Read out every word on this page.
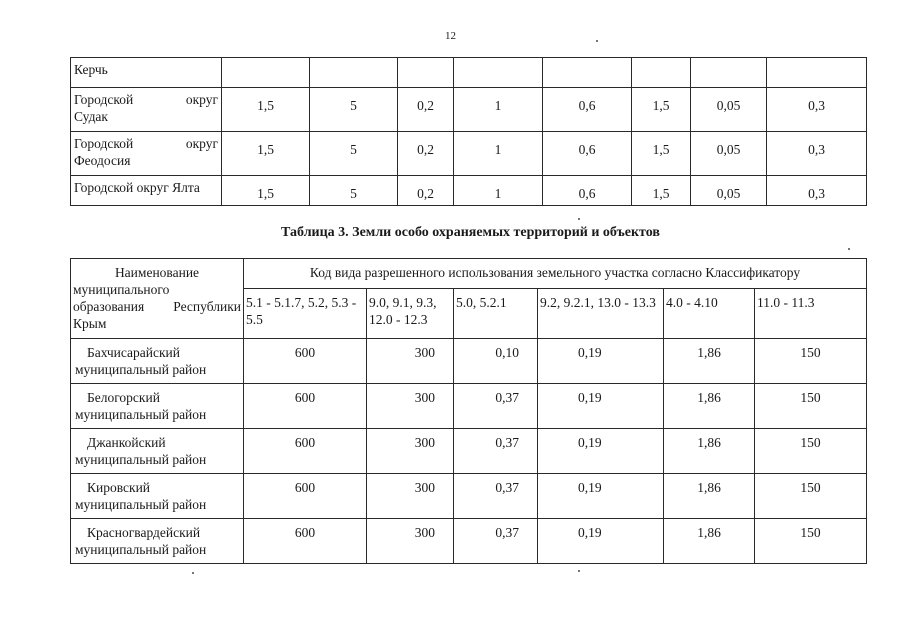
12
Керчь								

Городской округ
Судак	1,5	5	0,2	1	0,6	1,5	0,05	0,3

Городской округ
Феодосия	1,5	5	0,2	1	0,6	1,5	0,05	0,3
Городской округ Ялта	1,5	5	0,2	1	0,6	1,5	0,05	0,3
Таблица 3. Земли особо охраняемых территорий и объектов
Наименование
муниципального
образования Республики
Крым	Код вида разрешенного использования земельного участка согласно Классификатору					
	5.1 - 5.1.7, 5.2, 5.3 - 5.5	9.0, 9.1, 9.3, 12.0 - 12.3	5.0, 5.2.1	9.2, 9.2.1, 13.0 - 13.3	4.0 - 4.10	11.0 - 11.3

Бахчисарайский
муниципальный район	600	300	0,10	0,19	1,86	150

Белогорский
муниципальный район	600	300	0,37	0,19	1,86	150

Джанкойский
муниципальный район	600	300	0,37	0,19	1,86	150

Кировский
муниципальный район	600	300	0,37	0,19	1,86	150

Красногвардейский
муниципальный район	600	300	0,37	0,19	1,86	150
